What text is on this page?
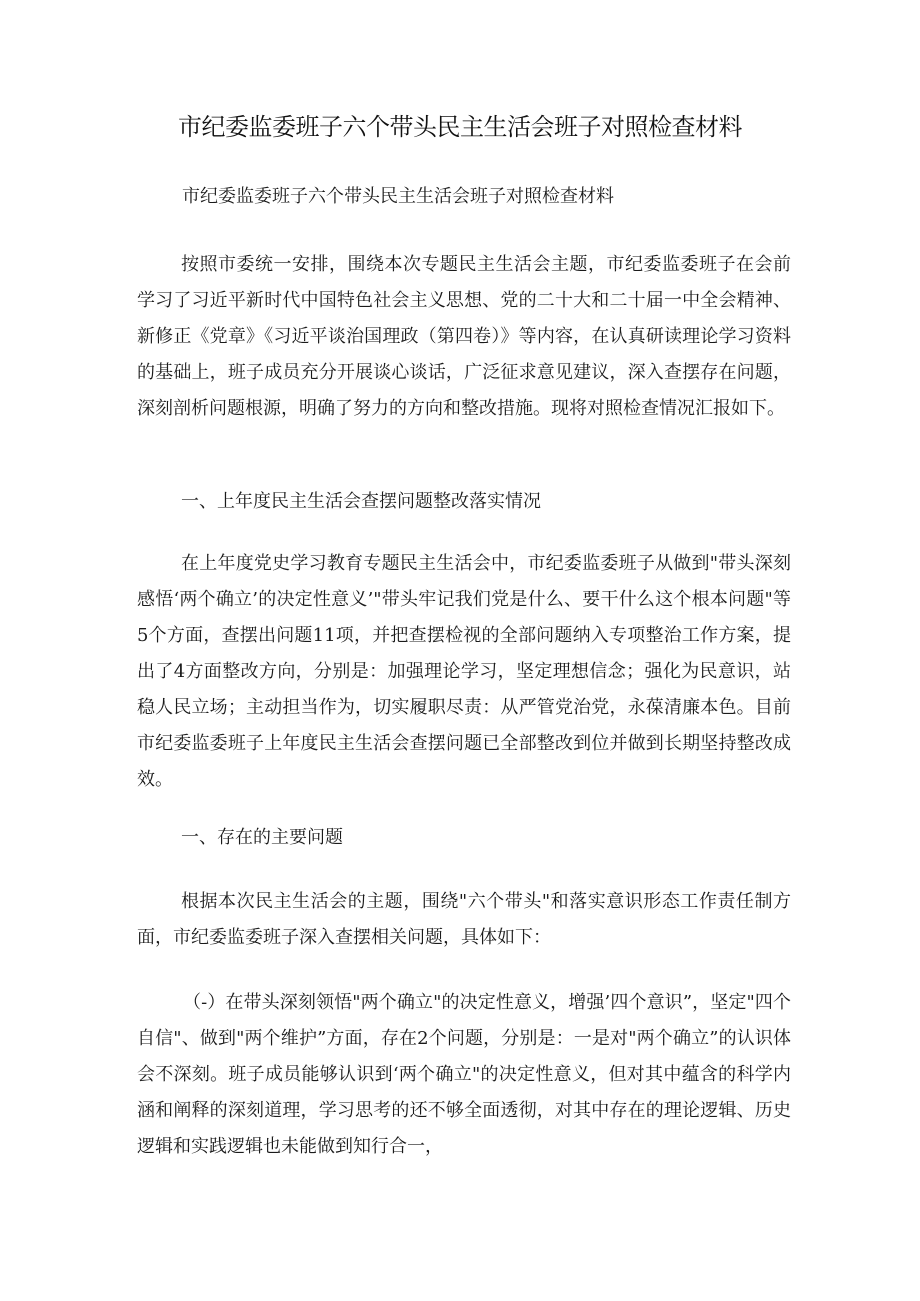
市纪委监委班子六个带头民主生活会班子对照检查材料
市纪委监委班子六个带头民主生活会班子对照检查材料

按照市委统一安排，围绕本次专题民主生活会主题，市纪委监委班子在会前学习了习近平新时代中国特色社会主义思想、党的二十大和二十届一中全会精神、新修正《党章》《习近平谈治国理政（第四卷）》等内容，在认真研读理论学习资料的基础上，班子成员充分开展谈心谈话，广泛征求意见建议，深入查摆存在问题，深刻剖析问题根源，明确了努力的方向和整改措施。现将对照检查情况汇报如下。

一、上年度民主生活会查摆问题整改落实情况

在上年度党史学习教育专题民主生活会中，市纪委监委班子从做到"带头深刻感悟‘两个确立’的决定性意义’"带头牢记我们党是什么、要干什么这个根本问题"等5个方面，查摆出问题11项，并把查摆检视的全部问题纳入专项整治工作方案，提出了4方面整改方向，分别是：加强理论学习，坚定理想信念；强化为民意识，站稳人民立场；主动担当作为，切实履职尽责：从严管党治党，永葆清廉本色。目前市纪委监委班子上年度民主生活会查摆问题已全部整改到位并做到长期坚持整改成效。

一、存在的主要问题

根据本次民主生活会的主题，围绕"六个带头"和落实意识形态工作责任制方面，市纪委监委班子深入查摆相关问题，具体如下：

（-）在带头深刻领悟"两个确立"的决定性意义，增强’四个意识”，坚定"四个自信"、做到"两个维护”方面，存在2个问题，分别是：一是对"两个确立”的认识体会不深刻。班子成员能够认识到‘两个确立"的决定性意义，但对其中蕴含的科学内涵和阐释的深刻道理，学习思考的还不够全面透彻，对其中存在的理论逻辑、历史逻辑和实践逻辑也未能做到知行合一，
